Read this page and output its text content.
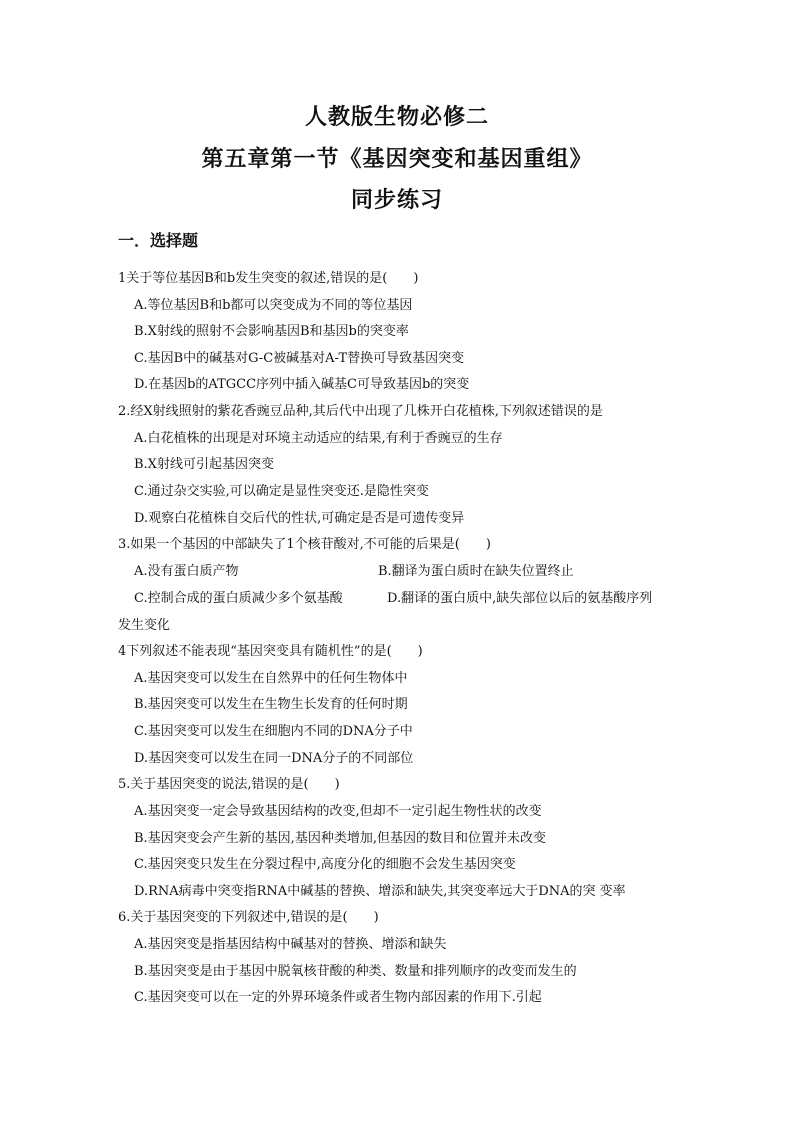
人教版生物必修二
第五章第一节《基因突变和基因重组》
同步练习
一．选择题
1关于等位基因B和b发生突变的叙述,错误的是(　　)
A.等位基因B和b都可以突变成为不同的等位基因
B.X射线的照射不会影响基因B和基因b的突变率
C.基因B中的碱基对G-C被碱基对A-T替换可导致基因突变
D.在基因b的ATGCC序列中插入碱基C可导致基因b的突变
2.经X射线照射的紫花香豌豆品种,其后代中出现了几株开白花植株,下列叙述错误的是
A.白花植株的出现是对环境主动适应的结果,有利于香豌豆的生存
B.X射线可引起基因突变
C.通过杂交实验,可以确定是显性突变还.是隐性突变
D.观察白花植株自交后代的性状,可确定是否是可遗传变异
3.如果一个基因的中部缺失了1个核苷酸对,不可能的后果是(　　)
A.没有蛋白质产物	B.翻译为蛋白质时在缺失位置终止
C.控制合成的蛋白质减少多个氨基酸	D.翻译的蛋白质中,缺失部位以后的氨基酸序列
发生变化
4下列叙述不能表现“基因突变具有随机性”的是(　　)
A.基因突变可以发生在自然界中的任何生物体中
B.基因突变可以发生在生物生长发育的任何时期
C.基因突变可以发生在细胞内不同的DNA分子中
D.基因突变可以发生在同一DNA分子的不同部位
5.关于基因突变的说法,错误的是(　　)
A.基因突变一定会导致基因结构的改变,但却不一定引起生物性状的改变
B.基因突变会产生新的基因,基因种类增加,但基因的数目和位置并未改变
C.基因突变只发生在分裂过程中,高度分化的细胞不会发生基因突变
D.RNA病毒中突变指RNA中碱基的替换、增添和缺失,其突变率远大于DNA的突 变率
6.关于基因突变的下列叙述中,错误的是(　　)
A.基因突变是指基因结构中碱基对的替换、增添和缺失
B.基因突变是由于基因中脱氧核苷酸的种类、数量和排列顺序的改变而发生的
C.基因突变可以在一定的外界环境条件或者生物内部因素的作用下.引起
